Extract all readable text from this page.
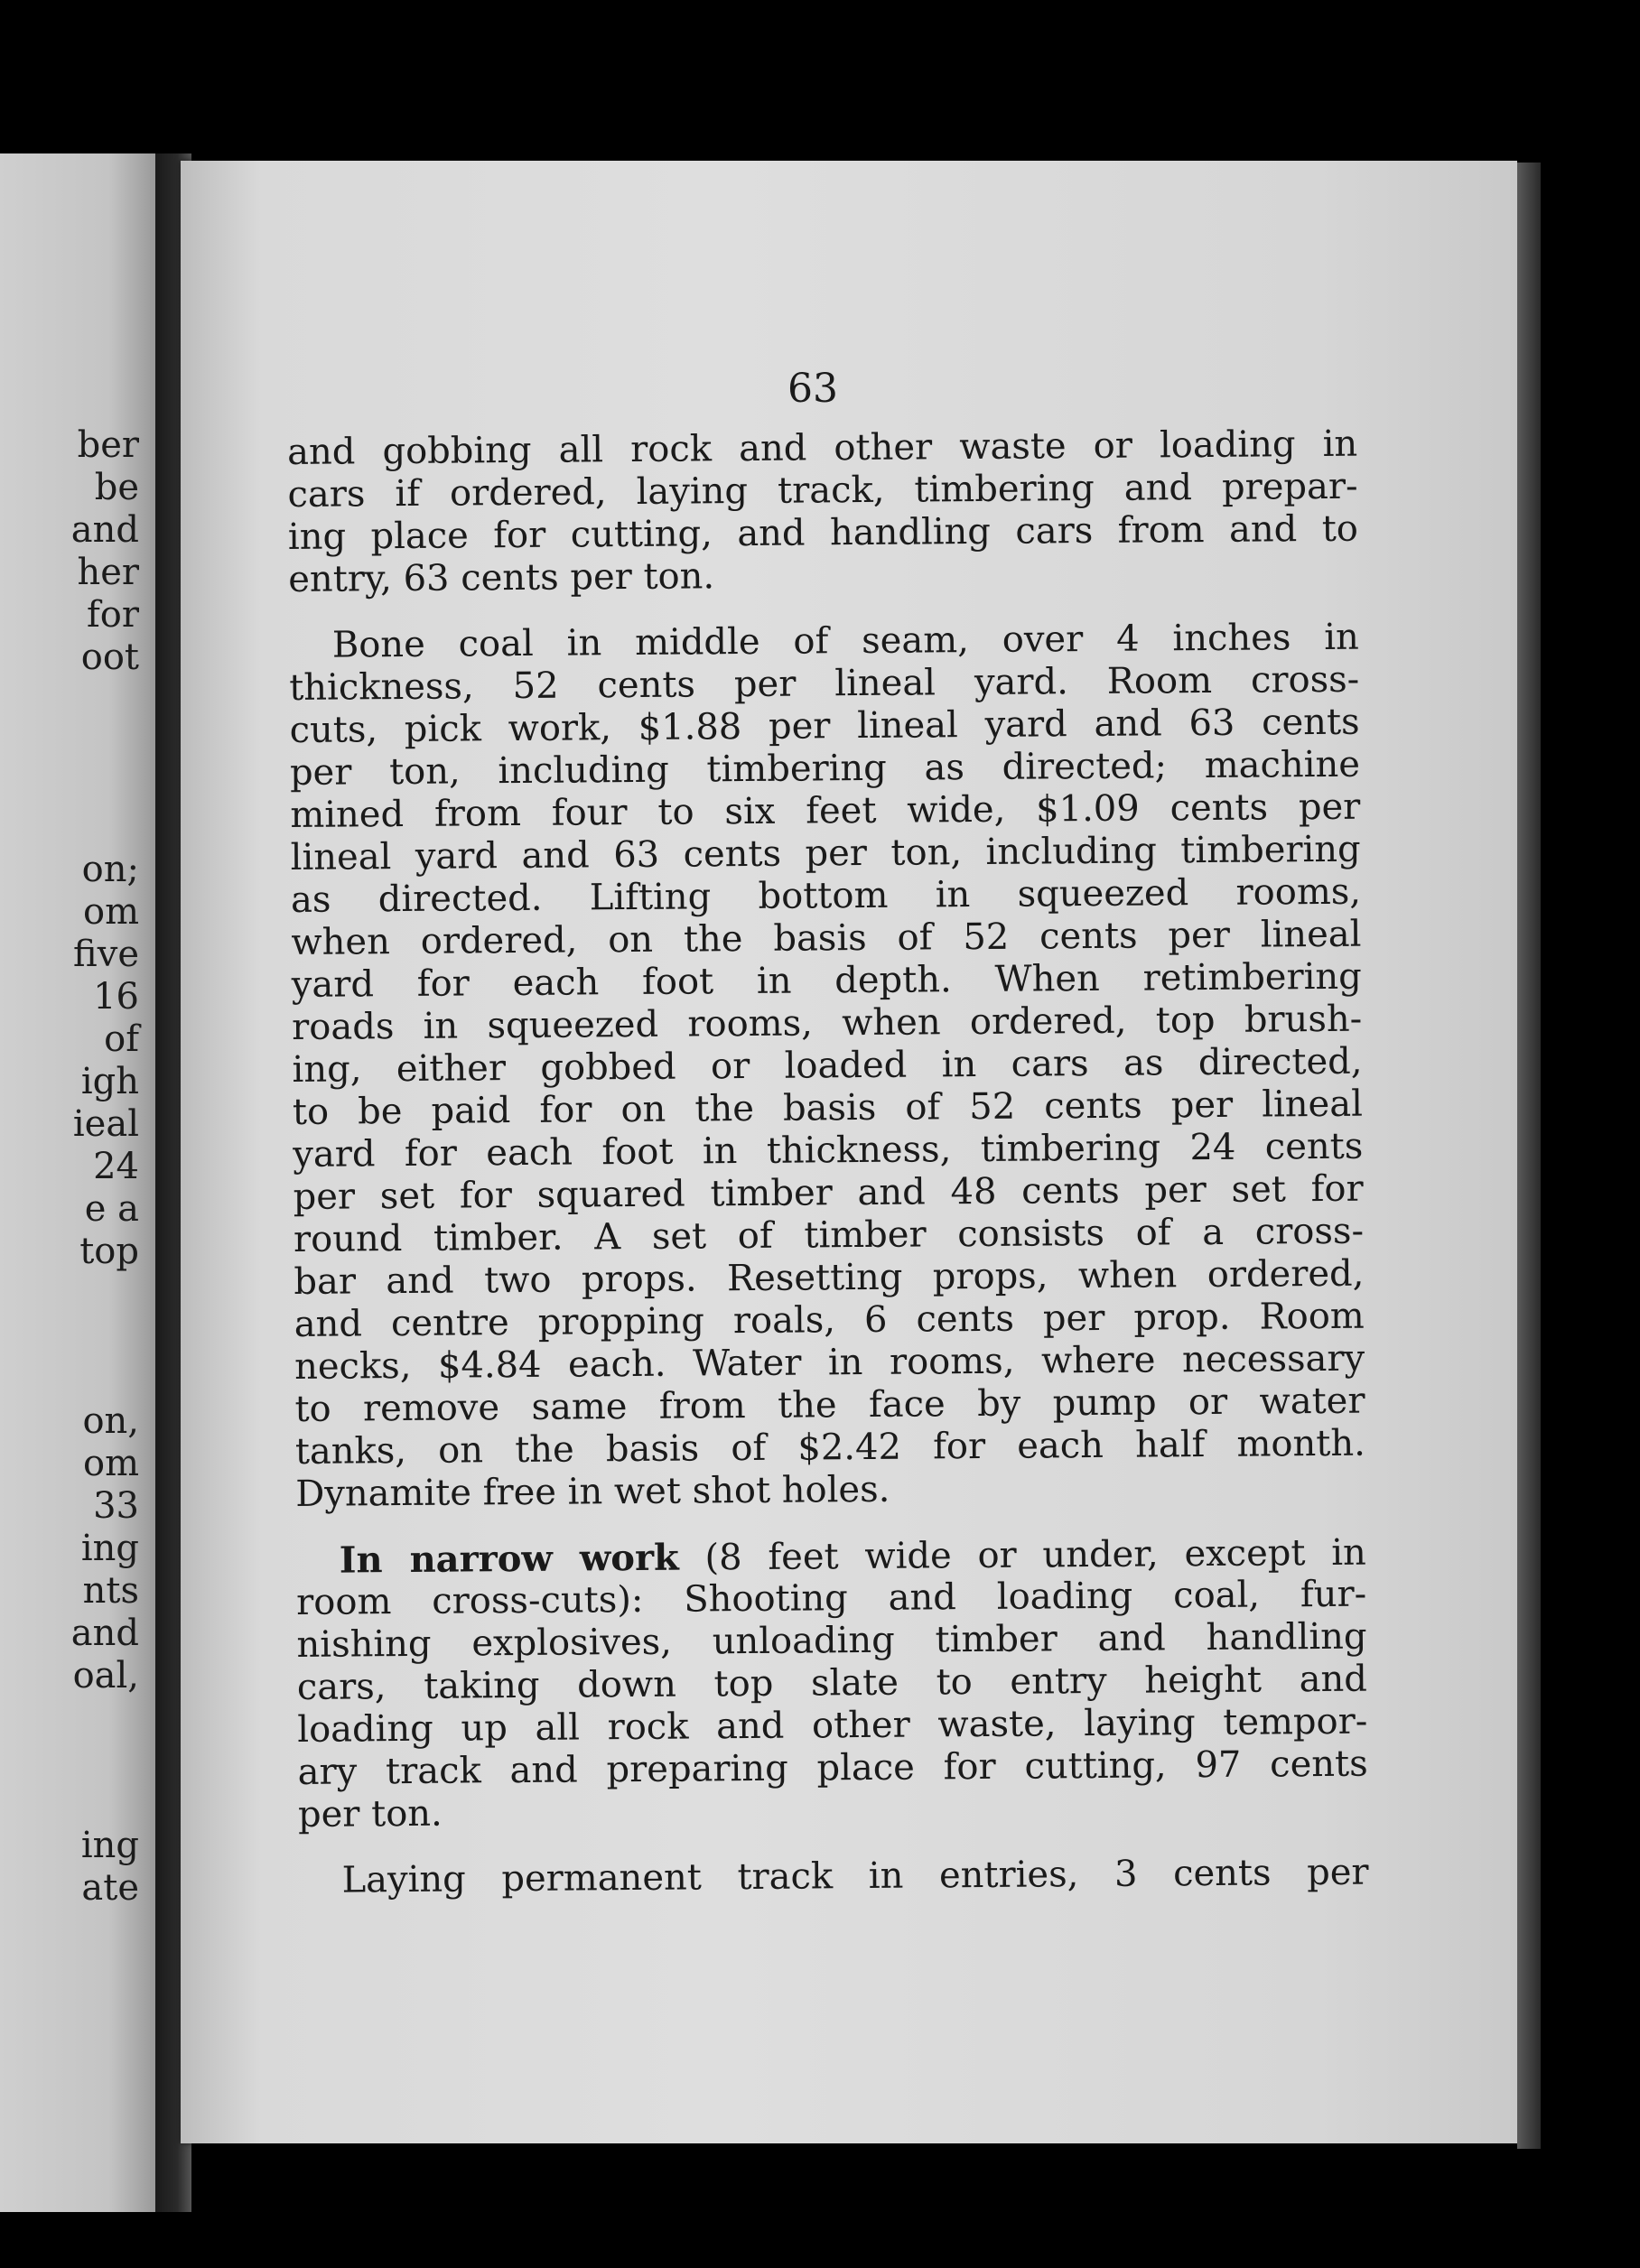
ber
be
and
her
for
oot
on;
om
five
16
of
igh
ieal
24
e a
top
on,
om
33
ing
nts
and
oal,
ing
ate
63
and gobbing all rock and other waste or loading in
cars if ordered, laying track, timbering and prepar-
ing place for cutting, and handling cars from and to
entry, 63 cents per ton.
Bone coal in middle of seam, over 4 inches in
thickness, 52 cents per lineal yard. Room cross-
cuts, pick work, $1.88 per lineal yard and 63 cents
per ton, including timbering as directed; machine
mined from four to six feet wide, $1.09 cents per
lineal yard and 63 cents per ton, including timbering
as directed. Lifting bottom in squeezed rooms,
when ordered, on the basis of 52 cents per lineal
yard for each foot in depth. When retimbering
roads in squeezed rooms, when ordered, top brush-
ing, either gobbed or loaded in cars as directed,
to be paid for on the basis of 52 cents per lineal
yard for each foot in thickness, timbering 24 cents
per set for squared timber and 48 cents per set for
round timber. A set of timber consists of a cross-
bar and two props. Resetting props, when ordered,
and centre propping roals, 6 cents per prop. Room
necks, $4.84 each. Water in rooms, where necessary
to remove same from the face by pump or water
tanks, on the basis of $2.42 for each half month.
Dynamite free in wet shot holes.
In narrow work (8 feet wide or under, except in
room cross-cuts): Shooting and loading coal, fur-
nishing explosives, unloading timber and handling
cars, taking down top slate to entry height and
loading up all rock and other waste, laying tempor-
ary track and preparing place for cutting, 97 cents
per ton.
Laying permanent track in entries, 3 cents per
